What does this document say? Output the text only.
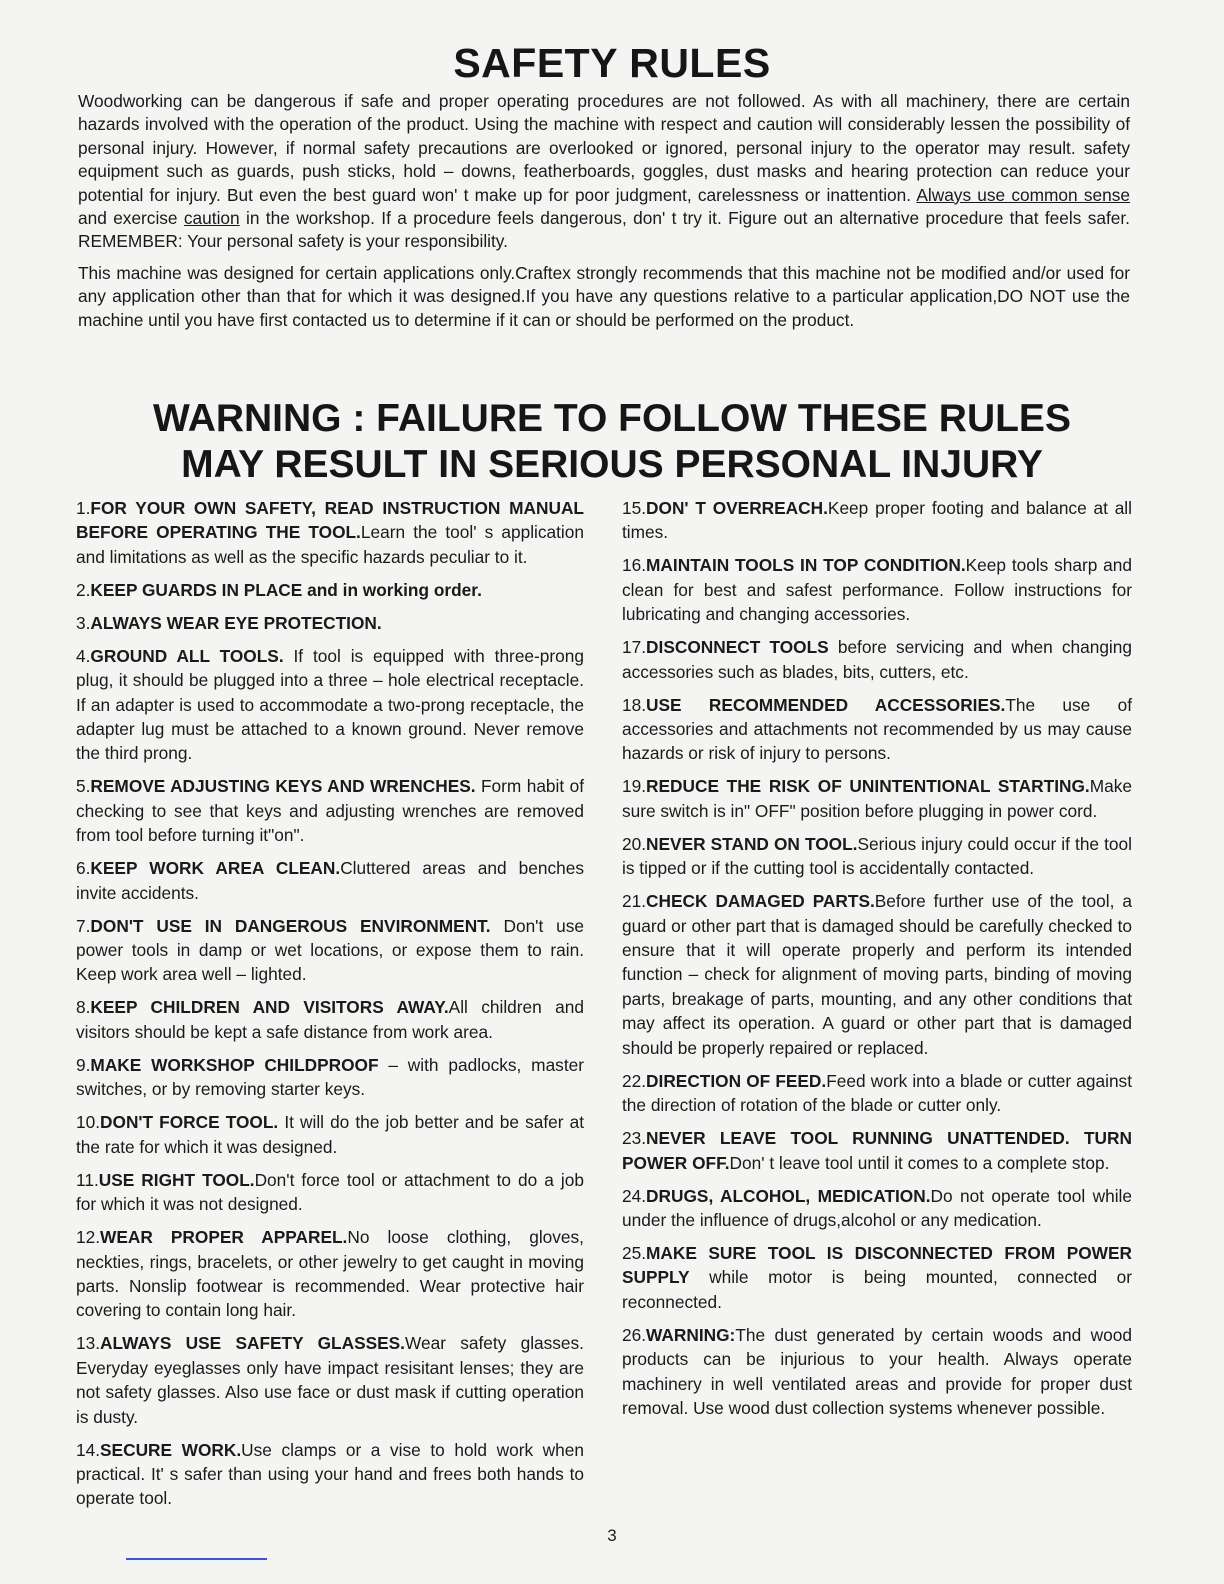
SAFETY RULES

Woodworking can be dangerous if safe and proper operating procedures are not followed. As with all machinery, there are certain hazards involved with the operation of the product. Using the machine with respect and caution will considerably lessen the possibility of personal injury. However, if normal safety precautions are overlooked or ignored, personal injury to the operator may result. safety equipment such as guards, push sticks, hold – downs, featherboards, goggles, dust masks and hearing protection can reduce your potential for injury. But even the best guard won' t make up for poor judgment, carelessness or inattention. Always use common sense and exercise caution in the workshop. If a procedure feels dangerous, don' t try it. Figure out an alternative procedure that feels safer. REMEMBER: Your personal safety is your responsibility.

This machine was designed for certain applications only.Craftex strongly recommends that this machine not be modified and/or used for any application other than that for which it was designed.If you have any questions relative to a particular application,DO NOT use the machine until you have first contacted us to determine if it can or should be performed on the product.

WARNING : FAILURE TO FOLLOW THESE RULES
MAY RESULT IN SERIOUS PERSONAL INJURY

1.FOR YOUR OWN SAFETY, READ INSTRUCTION MANUAL BEFORE OPERATING THE TOOL.Learn the tool' s application and limitations as well as the specific hazards peculiar to it.

2.KEEP GUARDS IN PLACE and in working order.

3.ALWAYS WEAR EYE PROTECTION.

4.GROUND ALL TOOLS. If tool is equipped with three-prong plug, it should be plugged into a three – hole electrical receptacle. If an adapter is used to accommodate a two-prong receptacle, the adapter lug must be attached to a known ground. Never remove the third prong.

5.REMOVE ADJUSTING KEYS AND WRENCHES. Form habit of checking to see that keys and adjusting wrenches are removed from tool before turning it"on".

6.KEEP WORK AREA CLEAN.Cluttered areas and benches invite accidents.

7.DON'T USE IN DANGEROUS ENVIRONMENT. Don't use power tools in damp or wet locations, or expose them to rain. Keep work area well – lighted.

8.KEEP CHILDREN AND VISITORS AWAY.All children and visitors should be kept a safe distance from work area.

9.MAKE WORKSHOP CHILDPROOF – with padlocks, master switches, or by removing starter keys.

10.DON'T FORCE TOOL. It will do the job better and be safer at the rate for which it was designed.

11.USE RIGHT TOOL.Don't force tool or attachment to do a job for which it was not designed.

12.WEAR PROPER APPAREL.No loose clothing, gloves, neckties, rings, bracelets, or other jewelry to get caught in moving parts. Nonslip footwear is recommended. Wear protective hair covering to contain long hair.

13.ALWAYS USE SAFETY GLASSES.Wear safety glasses. Everyday eyeglasses only have impact resisitant lenses; they are not safety glasses. Also use face or dust mask if cutting operation is dusty.

14.SECURE WORK.Use clamps or a vise to hold work when practical. It' s safer than using your hand and frees both hands to operate tool.

15.DON' T OVERREACH.Keep proper footing and balance at all times.

16.MAINTAIN TOOLS IN TOP CONDITION.Keep tools sharp and clean for best and safest performance. Follow instructions for lubricating and changing accessories.

17.DISCONNECT TOOLS before servicing and when changing accessories such as blades, bits, cutters, etc.

18.USE RECOMMENDED ACCESSORIES.The use of accessories and attachments not recommended by us may cause hazards or risk of injury to persons.

19.REDUCE THE RISK OF UNINTENTIONAL STARTING.Make sure switch is in" OFF" position before plugging in power cord.

20.NEVER STAND ON TOOL.Serious injury could occur if the tool is tipped or if the cutting tool is accidentally contacted.

21.CHECK DAMAGED PARTS.Before further use of the tool, a guard or other part that is damaged should be carefully checked to ensure that it will operate properly and perform its intended function – check for alignment of moving parts, binding of moving parts, breakage of parts, mounting, and any other conditions that may affect its operation. A guard or other part that is damaged should be properly repaired or replaced.

22.DIRECTION OF FEED.Feed work into a blade or cutter against the direction of rotation of the blade or cutter only.

23.NEVER LEAVE TOOL RUNNING UNATTENDED. TURN POWER OFF.Don' t leave tool until it comes to a complete stop.

24.DRUGS, ALCOHOL, MEDICATION.Do not operate tool while under the influence of drugs,alcohol or any medication.

25.MAKE SURE TOOL IS DISCONNECTED FROM POWER SUPPLY while motor is being mounted, connected or reconnected.

26.WARNING:The dust generated by certain woods and wood products can be injurious to your health. Always operate machinery in well ventilated areas and provide for proper dust removal. Use wood dust collection systems whenever possible.

3
